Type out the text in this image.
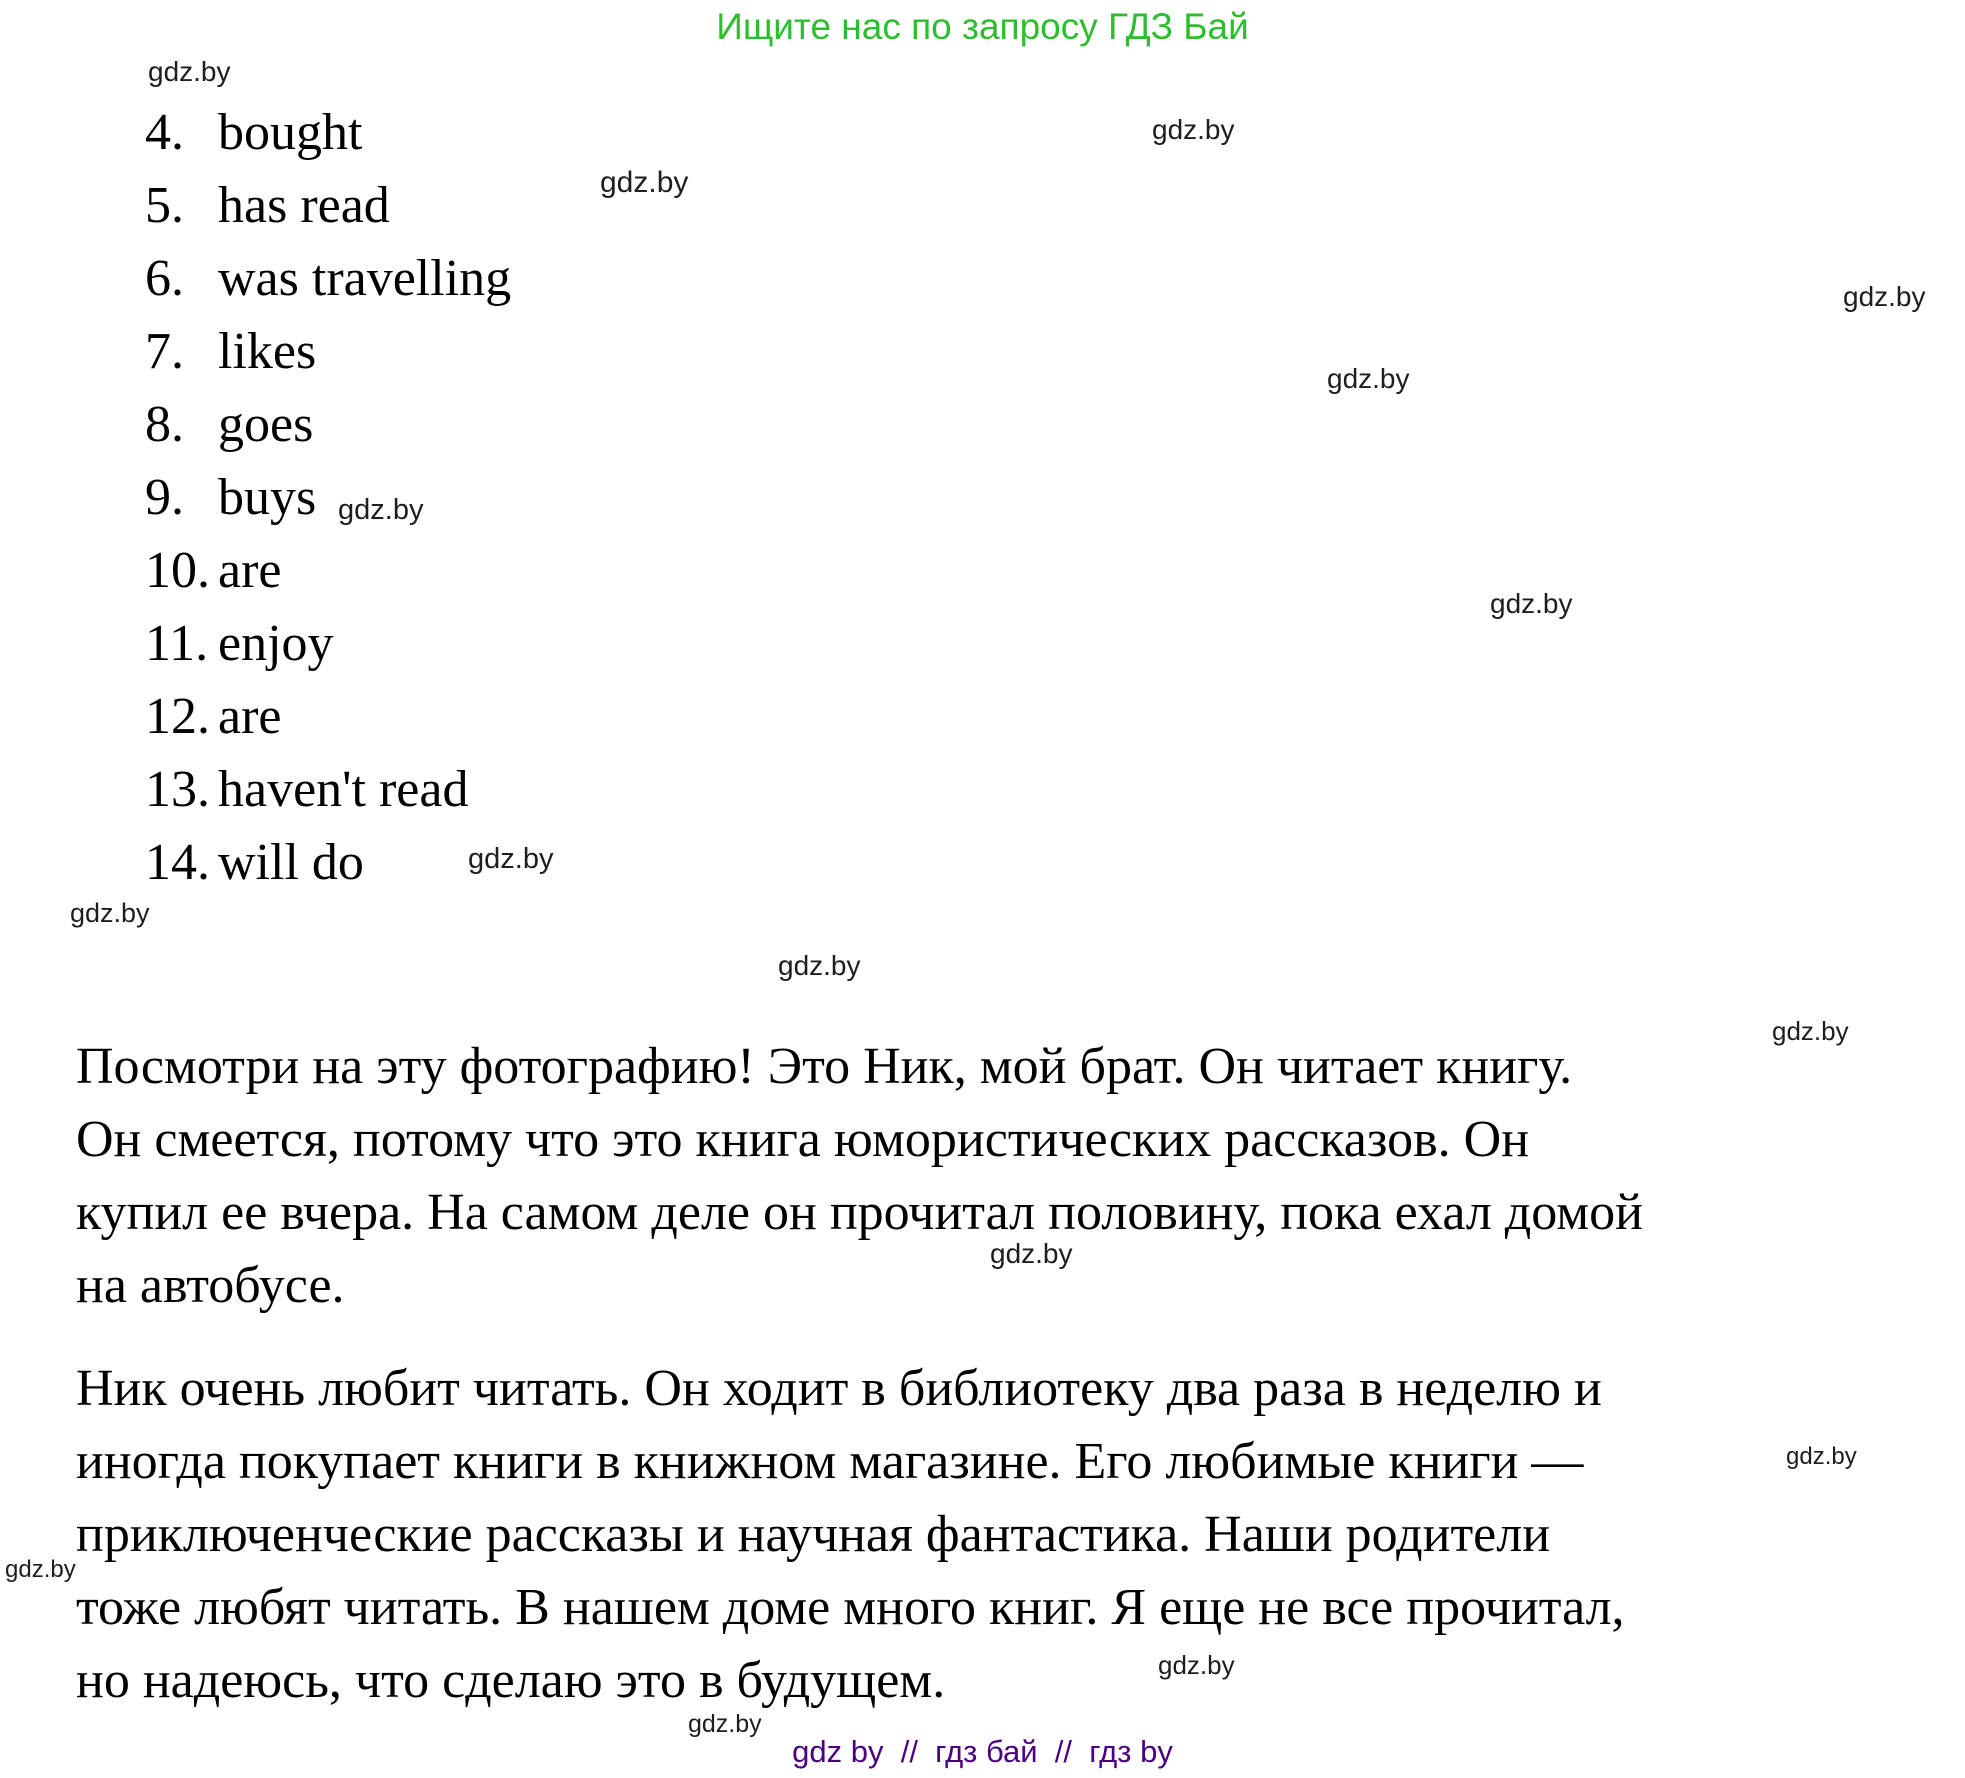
Ищите нас по запросу ГДЗ Бай
4. bought
5. has read
6. was travelling
7. likes
8. goes
9. buys
10. are
11. enjoy
12. are
13. haven't read
14. will do
Посмотри на эту фотографию! Это Ник, мой брат. Он читает книгу.
Он смеется, потому что это книга юмористических рассказов. Он
купил ее вчера. На самом деле он прочитал половину, пока ехал домой
на автобусе.
Ник очень любит читать. Он ходит в библиотеку два раза в неделю и
иногда покупает книги в книжном магазине. Его любимые книги —
приключенческие рассказы и научная фантастика. Наши родители
тоже любят читать. В нашем доме много книг. Я еще не все прочитал,
но надеюсь, что сделаю это в будущем.
gdz.by
gdz.by
gdz.by
gdz.by
gdz.by
gdz.by
gdz.by
gdz.by
gdz.by
gdz.by
gdz.by
gdz.by
gdz.by
gdz.by
gdz.by
gdz.by
gdz by  //  гдз бай  //  гдз by
